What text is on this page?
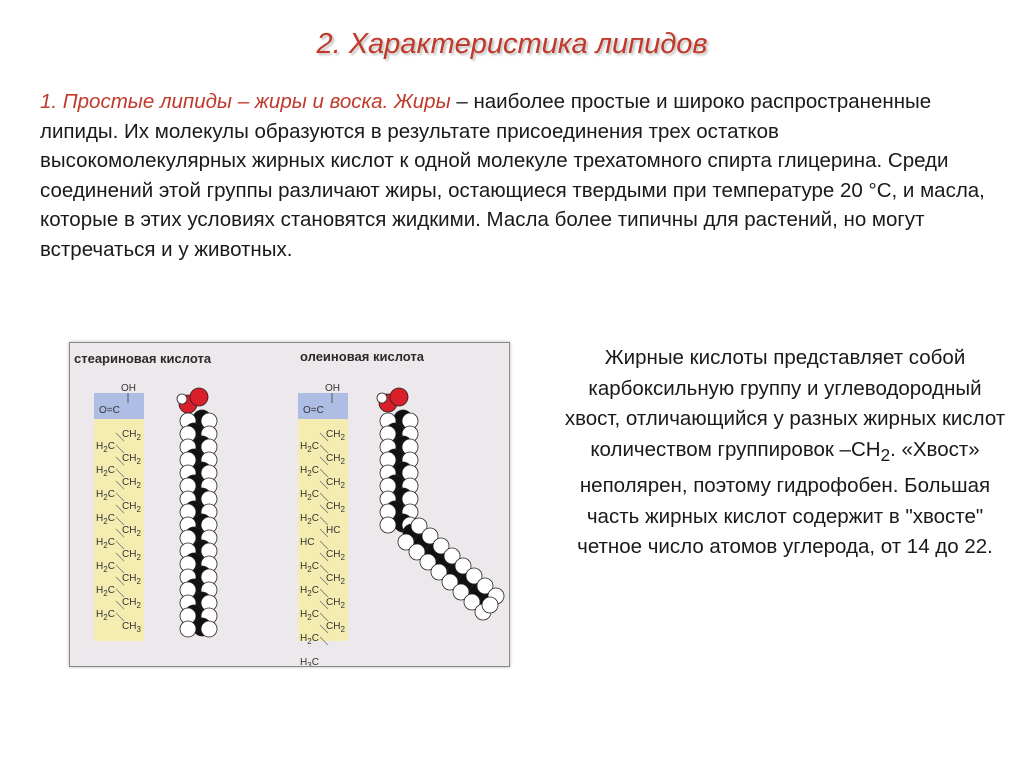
2. Характеристика липидов
1. Простые липиды – жиры и воска. Жиры – наиболее простые и широко распространенные липиды. Их молекулы образуются в результате присоединения трех остатков высокомолекулярных жирных кислот к одной молекуле трехатомного спирта глицерина. Среди соединений этой группы различают жиры, остающиеся твердыми при температуре 20 °С, и масла, которые в этих условиях становятся жидкими. Масла более типичны для растений, но могут встречаться и у животных.
стеариновая кислота	олеиновая кислота
OH
O=C
$CH_2$
$CH_2$
$CH_2$
$CH_2$
$CH_2$
$CH_2$
$CH_2$
$CH_2$
$CH_3$
$H_2C$
$H_2C$
$H_2C$
$H_2C$
$H_2C$
$H_2C$
$H_2C$
$H_2C$
OH
O=C
$CH_2$
$CH_2$
$CH_2$
$CH_2$
HC
$CH_2$
$CH_2$
$CH_2$
$CH_2$
$H_2C$
$H_2C$
$H_2C$
$H_2C$
HC
$H_2C$
$H_2C$
$H_2C$
$H_2C$
$H_3C$
Жирные кислоты представляет собой карбоксильную группу и углеводородный хвост, отличающийся у разных жирных кислот количеством группировок $-СН_2$. «Хвост» неполярен, поэтому гидрофобен. Большая часть жирных кислот содержит в "хвосте" четное число атомов углерода, от 14 до 22.
